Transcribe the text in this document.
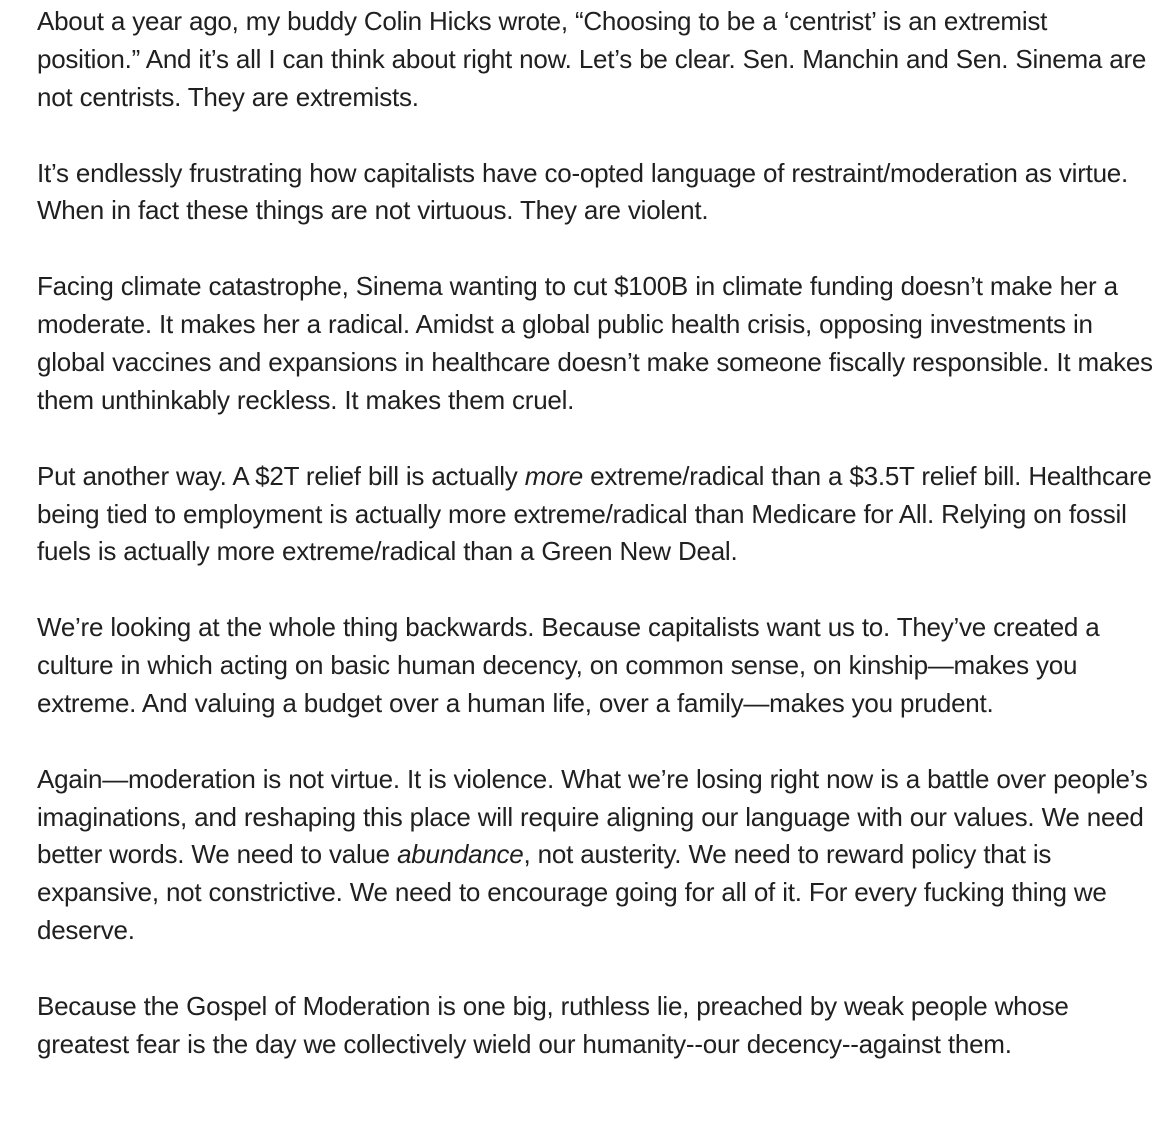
About a year ago, my buddy Colin Hicks wrote, “Choosing to be a ‘centrist’ is an extremist position.” And it’s all I can think about right now. Let’s be clear. Sen. Manchin and Sen. Sinema are not centrists. They are extremists.

It’s endlessly frustrating how capitalists have co-opted language of restraint/moderation as virtue. When in fact these things are not virtuous. They are violent.

Facing climate catastrophe, Sinema wanting to cut $100B in climate funding doesn’t make her a moderate. It makes her a radical. Amidst a global public health crisis, opposing investments in global vaccines and expansions in healthcare doesn’t make someone fiscally responsible. It makes them unthinkably reckless. It makes them cruel.

Put another way. A $2T relief bill is actually more extreme/radical than a $3.5T relief bill. Healthcare being tied to employment is actually more extreme/radical than Medicare for All. Relying on fossil fuels is actually more extreme/radical than a Green New Deal.

We’re looking at the whole thing backwards. Because capitalists want us to. They’ve created a culture in which acting on basic human decency, on common sense, on kinship—makes you extreme. And valuing a budget over a human life, over a family—makes you prudent.

Again—moderation is not virtue. It is violence. What we’re losing right now is a battle over people’s imaginations, and reshaping this place will require aligning our language with our values. We need better words. We need to value abundance, not austerity. We need to reward policy that is expansive, not constrictive. We need to encourage going for all of it. For every fucking thing we deserve.

Because the Gospel of Moderation is one big, ruthless lie, preached by weak people whose greatest fear is the day we collectively wield our humanity--our decency--against them.
